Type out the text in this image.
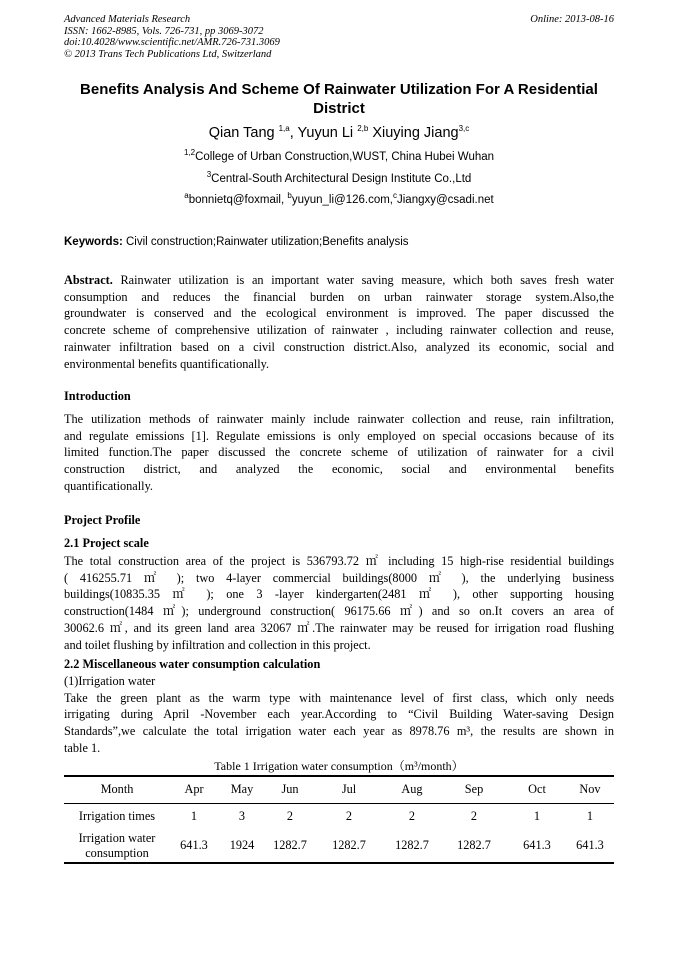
Advanced Materials Research
ISSN: 1662-8985, Vols. 726-731, pp 3069-3072
doi:10.4028/www.scientific.net/AMR.726-731.3069
© 2013 Trans Tech Publications Ltd, Switzerland
Online: 2013-08-16
Benefits Analysis And Scheme Of Rainwater Utilization For A Residential
District
Qian Tang $^{1,a}$, Yuyun Li $^{2,b}$ Xiuying Jiang$^{3,c}$
$^{1,2}$College of Urban Construction,WUST, China Hubei Wuhan
$^3$Central-South Architectural Design Institute Co.,Ltd
$^a$bonnietq@foxmail, $^b$yuyun_li@126.com,$^c$Jiangxy@csadi.net
Keywords: Civil construction;Rainwater utilization;Benefits analysis
Abstract. Rainwater utilization is an important water saving measure, which both saves fresh water
consumption and reduces the financial burden on urban rainwater storage system.Also,the
groundwater is conserved and the ecological environment is improved. The paper discussed the
concrete scheme of comprehensive utilization of rainwater , including rainwater collection and reuse,
rainwater infiltration based on a civil construction district.Also, analyzed its economic, social and
environmental benefits quantificationally.
Introduction
The utilization methods of rainwater mainly include rainwater collection and reuse, rain infiltration,
and regulate emissions [1]. Regulate emissions is only employed on special occasions because of its
limited function.The paper discussed the concrete scheme of utilization of rainwater for a civil
construction district, and analyzed the economic, social and environmental benefits
quantificationally.
Project Profile
2.1 Project scale
The total construction area of the project is 536793.72 ㎡ including 15 high-rise residential buildings
( 416255.71 ㎡ ); two 4-layer commercial buildings(8000 ㎡ ), the underlying business
buildings(10835.35 ㎡ ); one 3 -layer kindergarten(2481 ㎡ ), other supporting housing
construction(1484 ㎡); underground construction( 96175.66 ㎡) and so on.It covers an area of
30062.6 ㎡, and its green land area 32067 ㎡.The rainwater may be reused for irrigation road flushing
and toilet flushing by infiltration and collection in this project.
2.2 Miscellaneous water consumption calculation
(1)Irrigation water
Take the green plant as the warm type with maintenance level of first class, which only needs
irrigating during April -November each year.According to “Civil Building Water-saving Design
Standards”,we calculate the total irrigation water each year as 8978.76 m³, the results are shown in
table 1.
Table 1 Irrigation water consumption（m³/month）
Month	Apr	May	Jun	Jul	Aug	Sep	Oct	Nov
Irrigation times	1	3	2	2	2	2	1	1

Irrigation water
consumption	641.3	1924	1282.7	1282.7	1282.7	1282.7	641.3	641.3
